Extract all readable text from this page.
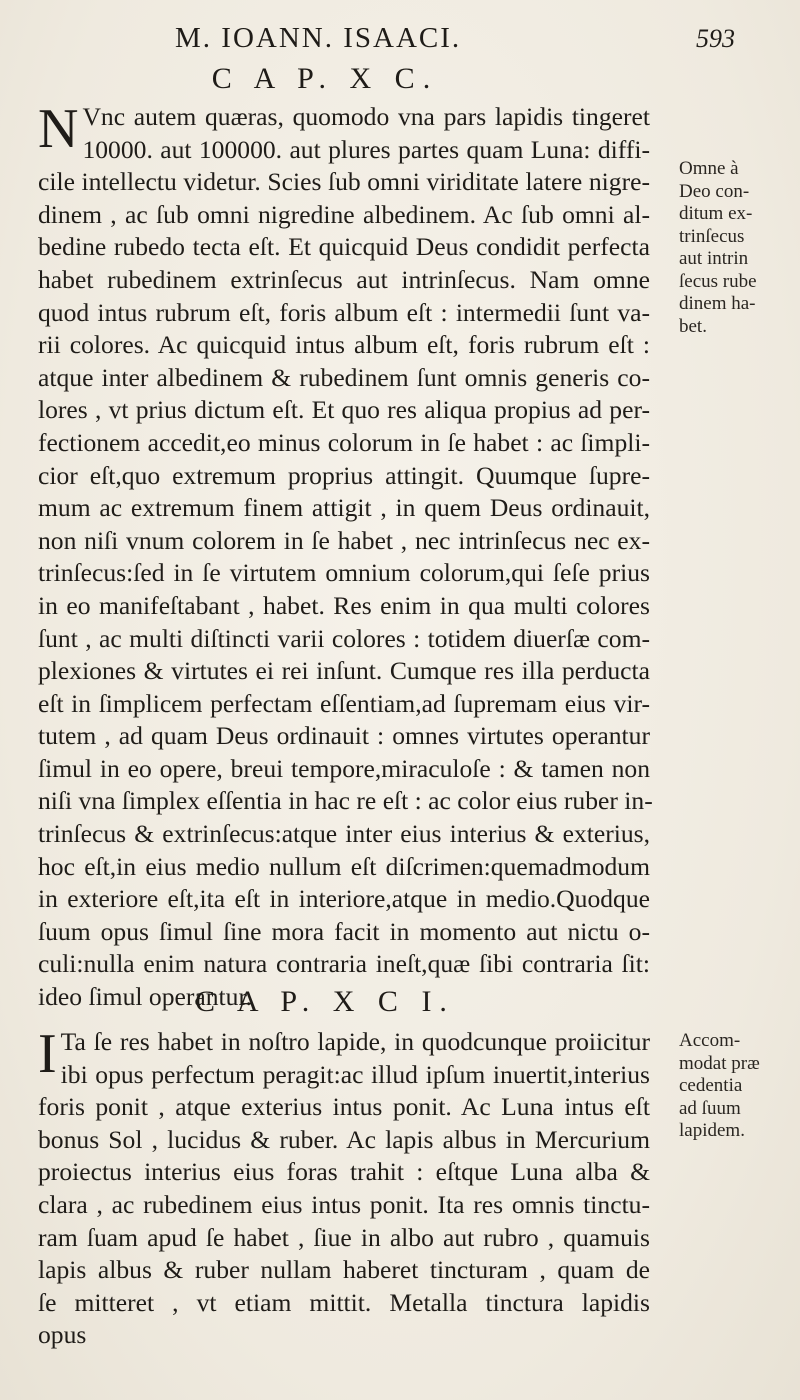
M. IOANN. ISAACI.	593
C A P. X C.
N Vnc autem quæras, quomodo vna pars lapidis tingeret
10000. aut 100000. aut plures partes quam Luna: diffi-
cile intellectu videtur. Scies ſub omni viriditate latere nigre-
dinem , ac ſub omni nigredine albedinem. Ac ſub omni al-
bedine rubedo tecta eſt. Et quicquid Deus condidit perfecta
habet rubedinem extrinſecus aut intrinſecus. Nam omne
quod intus rubrum eſt, foris album eſt : intermedii ſunt va-
rii colores. Ac quicquid intus album eſt, foris rubrum eſt :
atque inter albedinem & rubedinem ſunt omnis generis co-
lores , vt prius dictum eſt. Et quo res aliqua propius ad per-
fectionem accedit,eo minus colorum in ſe habet : ac ſimpli-
cior eſt,quo extremum proprius attingit. Quumque ſupre-
mum ac extremum finem attigit , in quem Deus ordinauit,
non niſi vnum colorem in ſe habet , nec intrinſecus nec ex-
trinſecus:ſed in ſe virtutem omnium colorum,qui ſeſe prius
in eo manifeſtabant , habet. Res enim in qua multi colores
ſunt , ac multi diſtincti varii colores : totidem diuerſæ com-
plexiones & virtutes ei rei inſunt. Cumque res illa perducta
eſt in ſimplicem perfectam eſſentiam,ad ſupremam eius vir-
tutem , ad quam Deus ordinauit : omnes virtutes operantur
ſimul in eo opere, breui tempore,miraculoſe : & tamen non
niſi vna ſimplex eſſentia in hac re eſt : ac color eius ruber in-
trinſecus & extrinſecus:atque inter eius interius & exterius,
hoc eſt,in eius medio nullum eſt diſcrimen:quemadmodum
in exteriore eſt,ita eſt in interiore,atque in medio.Quodque
ſuum opus ſimul ſine mora facit in momento aut nictu o-
culi:nulla enim natura contraria ineſt,quæ ſibi contraria ſit:
ideo ſimul operantur.
Omne à
Deo con-
ditum ex-
trinſecus
aut intrin
ſecus rube
dinem ha-
bet.
C A P. X C I.
I Ta ſe res habet in noſtro lapide, in quodcunque proiicitur
ibi opus perfectum peragit:ac illud ipſum inuertit,interius
foris ponit , atque exterius intus ponit. Ac Luna intus eſt
bonus Sol , lucidus & ruber. Ac lapis albus in Mercurium
proiectus interius eius foras trahit : eſtque Luna alba &
clara , ac rubedinem eius intus ponit. Ita res omnis tinctu-
ram ſuam apud ſe habet , ſiue in albo aut rubro , quamuis
lapis albus & ruber nullam haberet tincturam , quam de
ſe mitteret , vt etiam mittit. Metalla tinctura lapidis
opus
Accom-
modat præ
cedentia
ad ſuum
lapidem.
